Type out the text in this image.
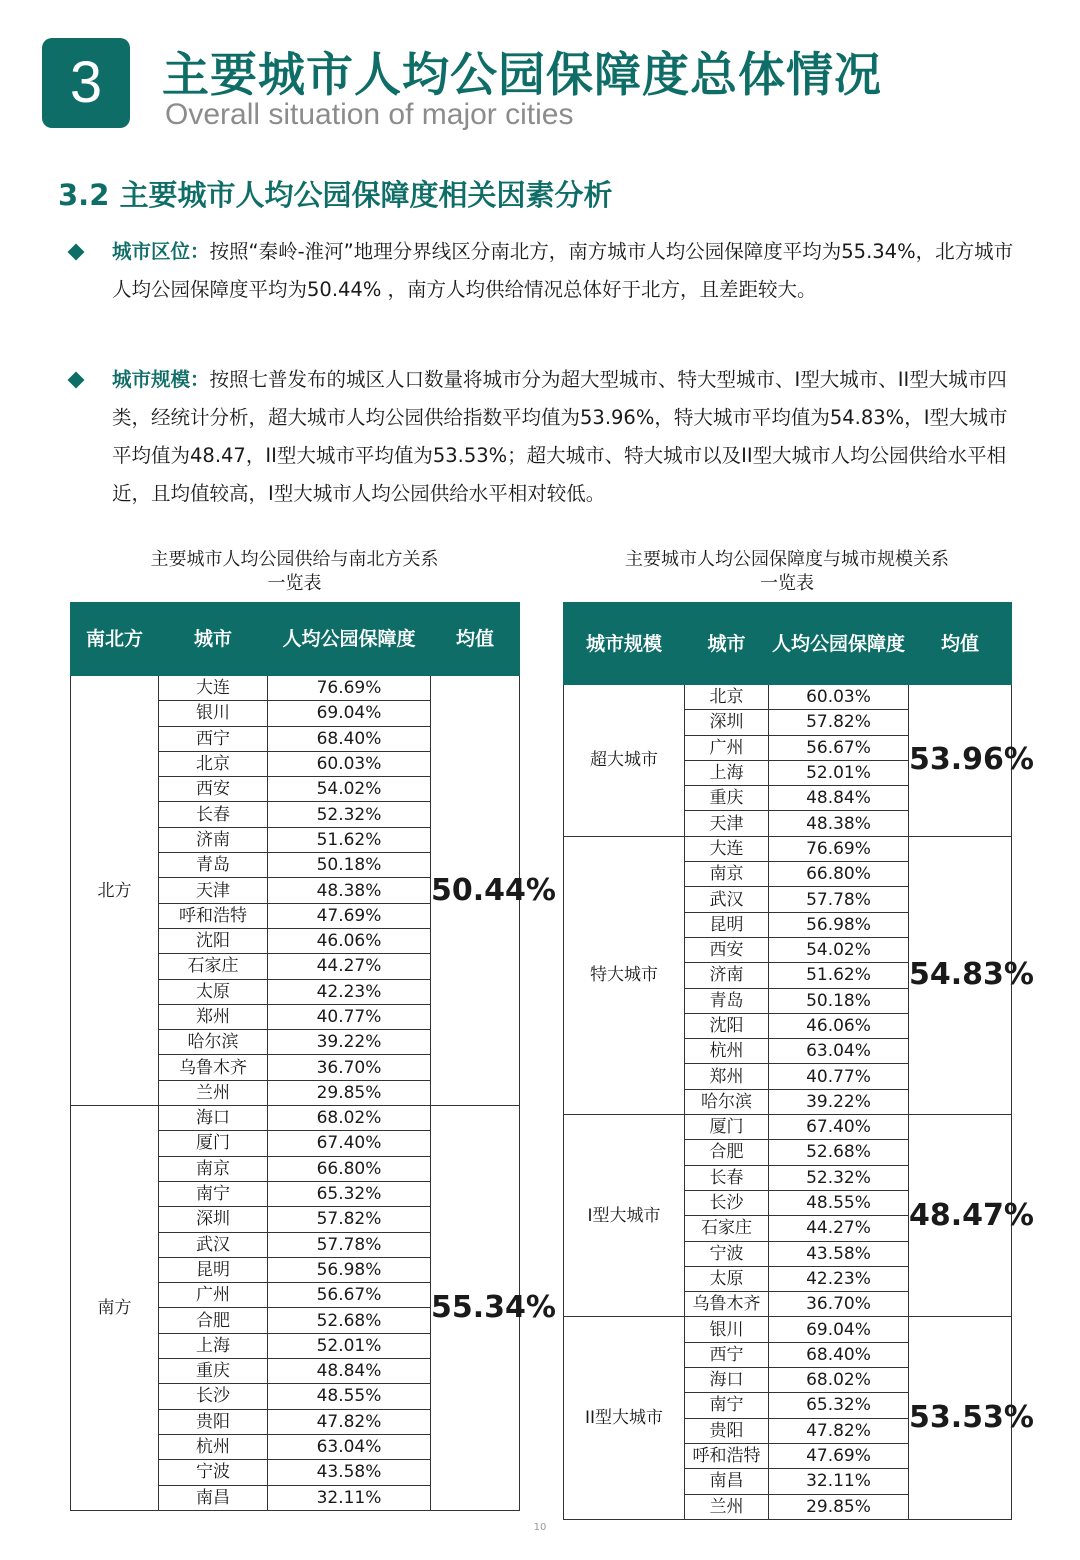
3	主要城市人均公园保障度总体情况
Overall situation of major cities
3.2 主要城市人均公园保障度相关因素分析
城市区位：按照“秦岭-淮河”地理分界线区分南北方，南方城市人均公园保障度平均为55.34%，北方城市人均公园保障度平均为50.44% ，南方人均供给情况总体好于北方，且差距较大。
城市规模：按照七普发布的城区人口数量将城市分为超大型城市、特大型城市、I型大城市、II型大城市四类，经统计分析，超大城市人均公园供给指数平均值为53.96%，特大城市平均值为54.83%，I型大城市平均值为48.47，II型大城市平均值为53.53%；超大城市、特大城市以及II型大城市人均公园供给水平相近，且均值较高，I型大城市人均公园供给水平相对较低。
主要城市人均公园供给与南北方关系
一览表
南北方	城市	人均公园保障度	均值
北方	大连	76.69%	50.44%
	银川	69.04%	
	西宁	68.40%	
	北京	60.03%	
	西安	54.02%	
	长春	52.32%	
	济南	51.62%	
	青岛	50.18%	
	天津	48.38%	
	呼和浩特	47.69%	
	沈阳	46.06%	
	石家庄	44.27%	
	太原	42.23%	
	郑州	40.77%	
	哈尔滨	39.22%	
	乌鲁木齐	36.70%	
	兰州	29.85%	
南方	海口	68.02%	55.34%
	厦门	67.40%	
	南京	66.80%	
	南宁	65.32%	
	深圳	57.82%	
	武汉	57.78%	
	昆明	56.98%	
	广州	56.67%	
	合肥	52.68%	
	上海	52.01%	
	重庆	48.84%	
	长沙	48.55%	
	贵阳	47.82%	
	杭州	63.04%	
	宁波	43.58%	
	南昌	32.11%	
主要城市人均公园保障度与城市规模关系
一览表
城市规模	城市	人均公园保障度	均值
超大城市	北京	60.03%	53.96%
	深圳	57.82%	
	广州	56.67%	
	上海	52.01%	
	重庆	48.84%	
	天津	48.38%	
特大城市	大连	76.69%	54.83%
	南京	66.80%	
	武汉	57.78%	
	昆明	56.98%	
	西安	54.02%	
	济南	51.62%	
	青岛	50.18%	
	沈阳	46.06%	
	杭州	63.04%	
	郑州	40.77%	
	哈尔滨	39.22%	
I型大城市	厦门	67.40%	48.47%
	合肥	52.68%	
	长春	52.32%	
	长沙	48.55%	
	石家庄	44.27%	
	宁波	43.58%	
	太原	42.23%	
	乌鲁木齐	36.70%	
II型大城市	银川	69.04%	53.53%
	西宁	68.40%	
	海口	68.02%	
	南宁	65.32%	
	贵阳	47.82%	
	呼和浩特	47.69%	
	南昌	32.11%	
	兰州	29.85%	
10
